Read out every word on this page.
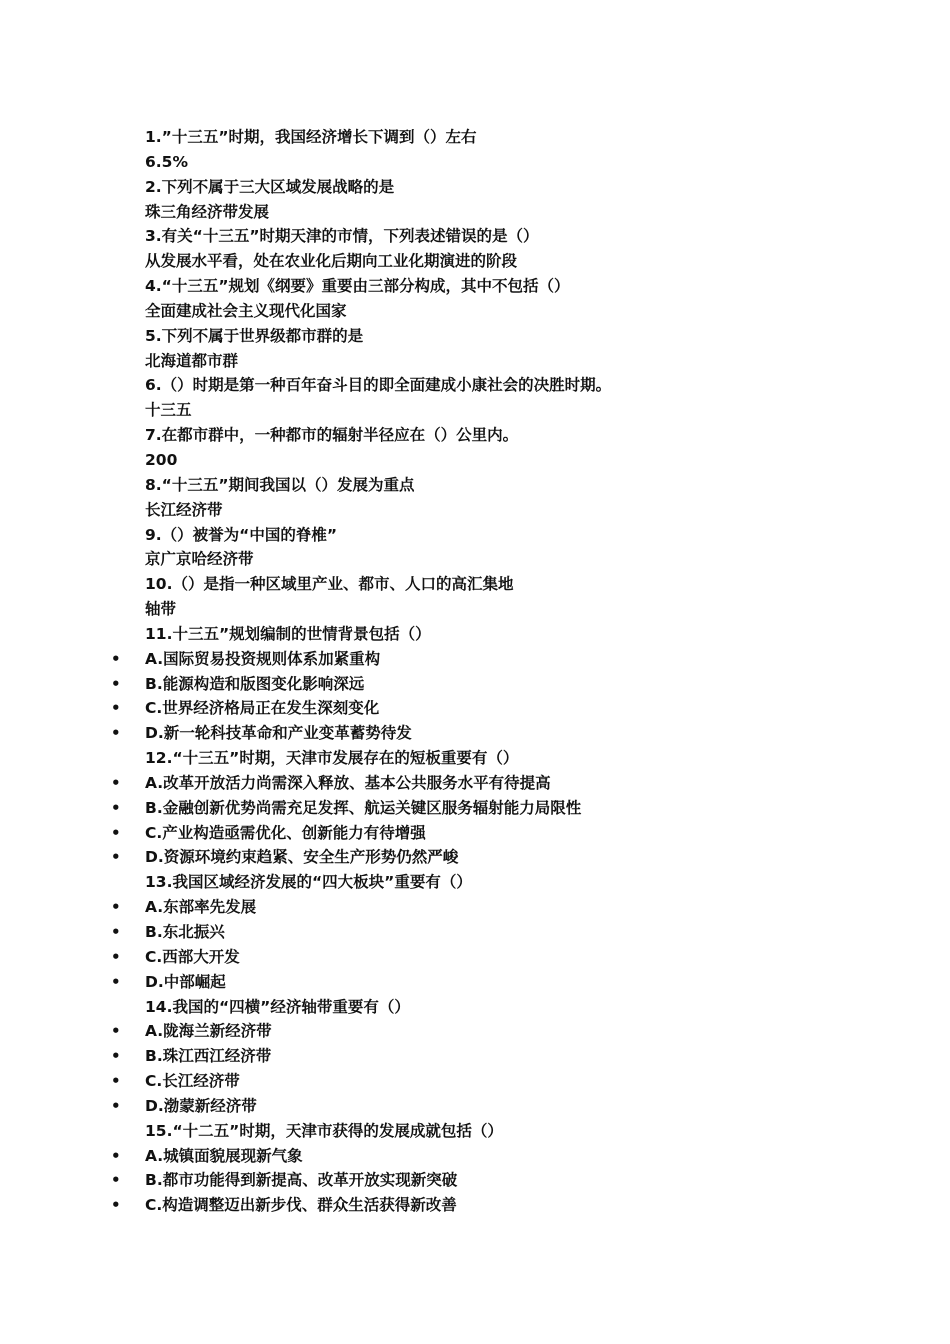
1.”十三五”时期，我国经济增长下调到（）左右
6.5%
2.下列不属于三大区域发展战略的是
珠三角经济带发展
3.有关“十三五”时期天津的市情，下列表述错误的是（）
从发展水平看，处在农业化后期向工业化期演进的阶段
4.“十三五”规划《纲要》重要由三部分构成，其中不包括（）
全面建成社会主义现代化国家
5.下列不属于世界级都市群的是
北海道都市群
6.（）时期是第一种百年奋斗目的即全面建成小康社会的决胜时期。
十三五
7.在都市群中，一种都市的辐射半径应在（）公里内。
200
8.“十三五”期间我国以（）发展为重点
长江经济带
9.（）被誉为“中国的脊椎”
京广京哈经济带
10.（）是指一种区域里产业、都市、人口的高汇集地
轴带
11.十三五”规划编制的世情背景包括（）
• A.国际贸易投资规则体系加紧重构
• B.能源构造和版图变化影响深远
• C.世界经济格局正在发生深刻变化
• D.新一轮科技革命和产业变革蓄势待发
12.“十三五”时期，天津市发展存在的短板重要有（）
• A.改革开放活力尚需深入释放、基本公共服务水平有待提高
• B.金融创新优势尚需充足发挥、航运关键区服务辐射能力局限性
• C.产业构造亟需优化、创新能力有待增强
• D.资源环境约束趋紧、安全生产形势仍然严峻
13.我国区域经济发展的“四大板块”重要有（）
• A.东部率先发展
• B.东北振兴
• C.西部大开发
• D.中部崛起
14.我国的“四横”经济轴带重要有（）
• A.陇海兰新经济带
• B.珠江西江经济带
• C.长江经济带
• D.渤蒙新经济带
15.“十二五”时期，天津市获得的发展成就包括（）
• A.城镇面貌展现新气象
• B.都市功能得到新提高、改革开放实现新突破
• C.构造调整迈出新步伐、群众生活获得新改善
